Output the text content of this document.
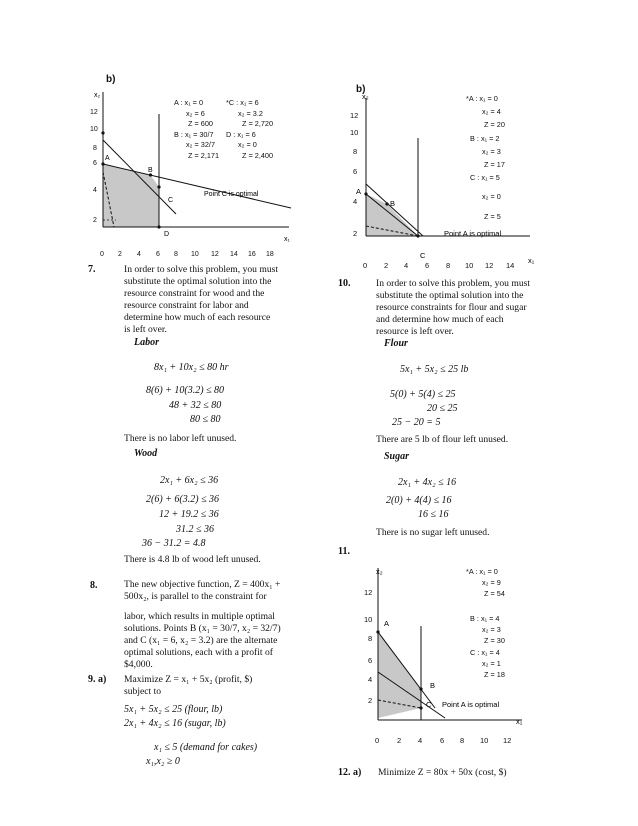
b)
12
10
8
6
4
2
x₂
x₁
A
B
C
D
Point C is optimal
0 2 4 6 8 10 12 14 16 18
A : x₁ = 0
x₂ = 6
Z = 600
B : x₁ = 30/7
x₂ = 32/7
Z = 2,171
*C : x₁ = 6
x₂ = 3.2
Z = 2,720
D : x₁ = 6
x₂ = 0
Z = 2,400
b)
12
10
8
6
4
2
x₂
x₁
A
B
C
Point A is optimal
0 2 4 6 8 10 12 14
*A : x₁ = 0
x₂ = 4
Z = 20
B : x₁ = 2
x₂ = 3
Z = 17
C : x₁ = 5
x₂ = 0
Z = 5
7.	In order to solve this problem, you must
substitute the optimal solution into the
resource constraint for wood and the
resource constraint for labor and
determine how much of each resource
is left over.
Labor
8x₁ + 10x₂ ≤ 80 hr
8(6) + 10(3.2) ≤ 80
48 + 32 ≤ 80
80 ≤ 80
There is no labor left unused.
Wood
2x₁ + 6x₂ ≤ 36
2(6) + 6(3.2) ≤ 36
12 + 19.2 ≤ 36
31.2 ≤ 36
36 − 31.2 = 4.8
There is 4.8 lb of wood left unused.
8.	The new objective function, Z = 400x₁ +
500x₂, is parallel to the constraint for
labor, which results in multiple optimal
solutions. Points B (x₁ = 30/7, x₂ = 32/7)
and C (x₁ = 6, x₂ = 3.2) are the alternate
optimal solutions, each with a profit of
$4,000.
9. a) Maximize Z = x₁ + 5x₂ (profit, $)
subject to
5x₁ + 5x₂ ≤ 25 (flour, lb)
2x₁ + 4x₂ ≤ 16 (sugar, lb)
x₁ ≤ 5 (demand for cakes)
x₁,x₂ ≥ 0
10.	In order to solve this problem, you must
substitute the optimal solution into the
resource constraints for flour and sugar
and determine how much of each
resource is left over.
Flour
5x₁ + 5x₂ ≤ 25 lb
5(0) + 5(4) ≤ 25
20 ≤ 25
25 − 20 = 5
There are 5 lb of flour left unused.
Sugar
2x₁ + 4x₂ ≤ 16
2(0) + 4(4) ≤ 16
16 ≤ 16
There is no sugar left unused.
11.
12
10
8
6
4
2
x₂
x₁
A
B
C Point A is optimal
0 2 4 6 8 10 12
*A : x₁ = 0
x₂ = 9
Z = 54
B : x₁ = 4
x₂ = 3
Z = 30
C : x₁ = 4
x₂ = 1
Z = 18
12. a) Minimize Z = 80x + 50x (cost, $)
